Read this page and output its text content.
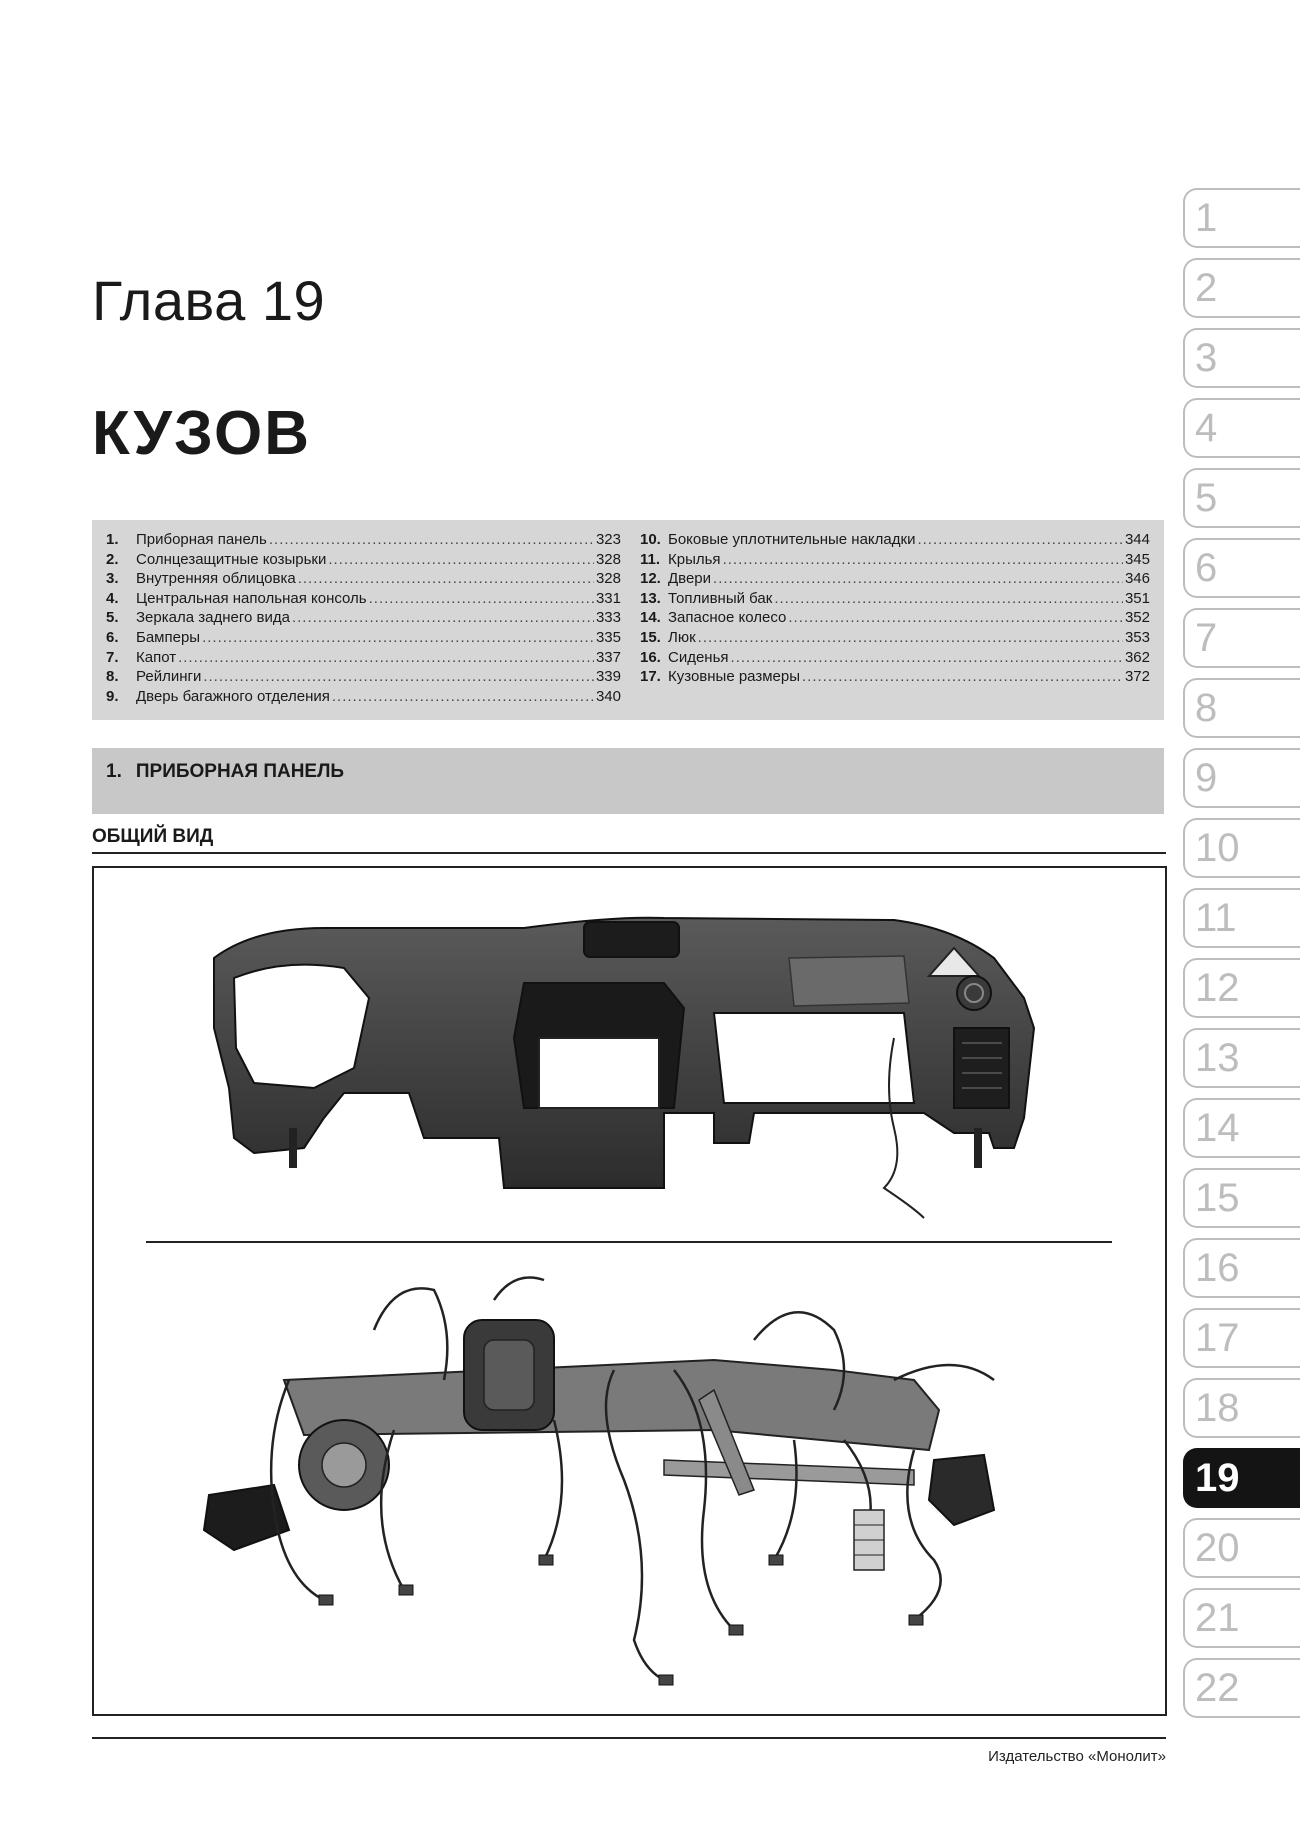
Глава 19
КУЗОВ
1.	Приборная панель .....	323
2.	Солнцезащитные козырьки .....	328
3.	Внутренняя облицовка .....	328
4.	Центральная напольная консоль .....	331
5.	Зеркала заднего вида .....	333
6.	Бамперы .....	335
7.	Капот .....	337
8.	Рейлинги .....	339
9.	Дверь багажного отделения .....	340
10. Боковые уплотнительные накладки .....	344
11. Крылья .....	345
12. Двери .....	346
13. Топливный бак .....	351
14. Запасное колесо .....	352
15. Люк .....	353
16. Сиденья .....	362
17. Кузовные размеры .....	372
1. ПРИБОРНАЯ ПАНЕЛЬ
ОБЩИЙ ВИД
Издательство «Монолит»
1
2
3
4
5
6
7
8
9
10
11
12
13
14
15
16
17
18
19
20
21
22
